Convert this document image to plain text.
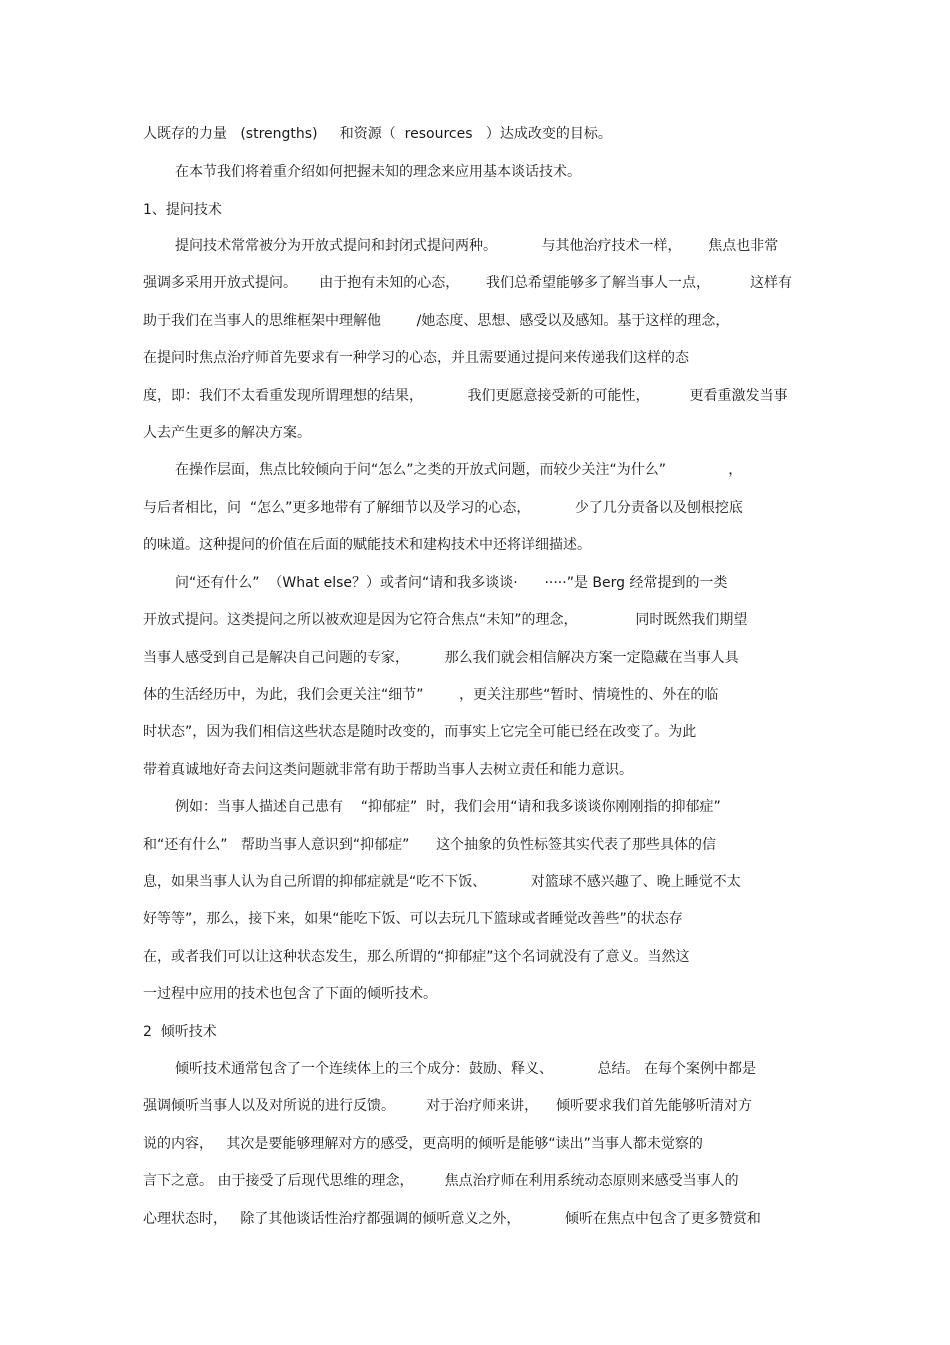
人既存的力量   (strengths)     和资源（  resources   ）达成改变的目标。
在本节我们将着重介绍如何把握未知的理念来应用基本谈话技术。
1、提问技术
提问技术常常被分为开放式提问和封闭式提问两种。          与其他治疗技术一样，      焦点也非常
强调多采用开放式提问。     由于抱有未知的心态，      我们总希望能够多了解当事人一点，         这样有
助于我们在当事人的思维框架中理解他        /她态度、思想、感受以及感知。基于这样的理念，
在提问时焦点治疗师首先要求有一种学习的心态，并且需要通过提问来传递我们这样的态
度，即：我们不太看重发现所谓理想的结果，          我们更愿意接受新的可能性，         更看重激发当事
人去产生更多的解决方案。
在操作层面，焦点比较倾向于问“怎么”之类的开放式问题，而较少关注“为什么”              ，
与后者相比，问  “怎么”更多地带有了解细节以及学习的心态，          少了几分责备以及刨根挖底
的味道。这种提问的价值在后面的赋能技术和建构技术中还将详细描述。
问“还有什么”  （What else？）或者问“请和我多谈谈·      ·····”是 Berg 经常提到的一类
开放式提问。这类提问之所以被欢迎是因为它符合焦点“未知”的理念，             同时既然我们期望
当事人感受到自己是解决自己问题的专家，        那么我们就会相信解决方案一定隐藏在当事人具
体的生活经历中，为此，我们会更关注“细节”        ，更关注那些“暂时、情境性的、外在的临
时状态”，因为我们相信这些状态是随时改变的，而事实上它完全可能已经在改变了。为此
带着真诚地好奇去问这类问题就非常有助于帮助当事人去树立责任和能力意识。
例如：当事人描述自己患有    “抑郁症”  时，我们会用“请和我多谈谈你刚刚指的抑郁症”
和“还有什么”   帮助当事人意识到“抑郁症”      这个抽象的负性标签其实代表了那些具体的信
息，如果当事人认为自己所谓的抑郁症就是“吃不下饭、          对篮球不感兴趣了、晚上睡觉不太
好等等”，那么，接下来，如果“能吃下饭、可以去玩几下篮球或者睡觉改善些”的状态存
在，或者我们可以让这种状态发生，那么所谓的“抑郁症”这个名词就没有了意义。当然这
一过程中应用的技术也包含了下面的倾听技术。
2  倾听技术
倾听技术通常包含了一个连续体上的三个成分：鼓励、释义、          总结。 在每个案例中都是
强调倾听当事人以及对所说的进行反馈。       对于治疗师来讲，    倾听要求我们首先能够听清对方
说的内容，   其次是要能够理解对方的感受，更高明的倾听是能够“读出”当事人都未觉察的
言下之意。 由于接受了后现代思维的理念，       焦点治疗师在利用系统动态原则来感受当事人的
心理状态时，   除了其他谈话性治疗都强调的倾听意义之外，          倾听在焦点中包含了更多赞赏和
